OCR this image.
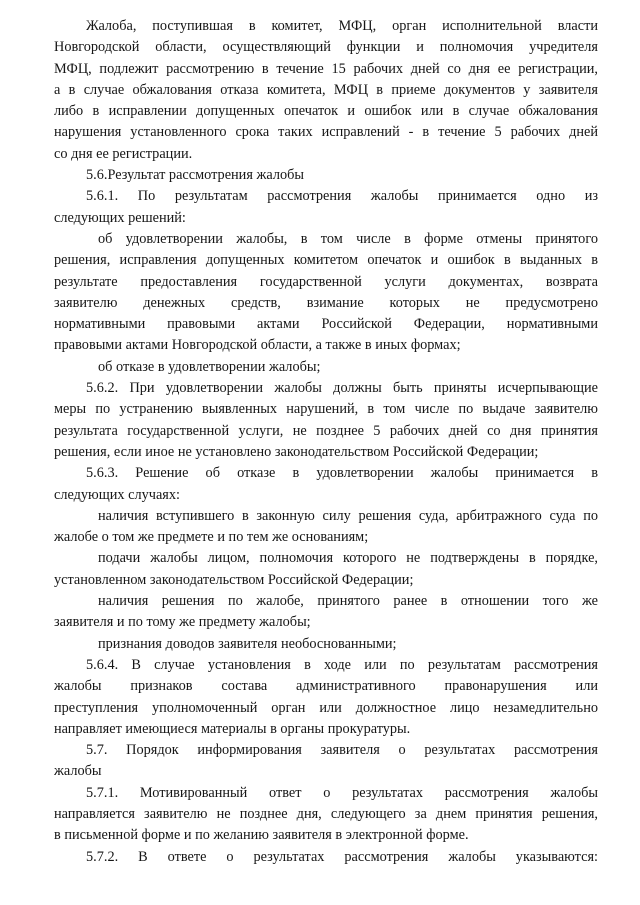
Жалоба, поступившая в комитет, МФЦ, орган исполнительной власти
Новгородской области, осуществляющий функции и полномочия учредителя
МФЦ, подлежит рассмотрению в течение 15 рабочих дней со дня ее регистрации,
а в случае обжалования отказа комитета, МФЦ в приеме документов у заявителя
либо в исправлении допущенных опечаток и ошибок или в случае обжалования
нарушения установленного срока таких исправлений - в течение 5 рабочих дней
со дня ее регистрации.
5.6.Результат рассмотрения жалобы
5.6.1. По результатам рассмотрения жалобы принимается одно из
следующих решений:
об удовлетворении жалобы, в том числе в форме отмены принятого
решения, исправления допущенных комитетом опечаток и ошибок в выданных в
результате предоставления государственной услуги документах, возврата
заявителю денежных средств, взимание которых не предусмотрено
нормативными правовыми актами Российской Федерации, нормативными
правовыми актами Новгородской области, а также в иных формах;
об отказе в удовлетворении жалобы;
5.6.2. При удовлетворении жалобы должны быть приняты исчерпывающие
меры по устранению выявленных нарушений, в том числе по выдаче заявителю
результата государственной услуги, не позднее 5 рабочих дней со дня принятия
решения, если иное не установлено законодательством Российской Федерации;
5.6.3. Решение об отказе в удовлетворении жалобы принимается в
следующих случаях:
наличия вступившего в законную силу решения суда, арбитражного суда по
жалобе о том же предмете и по тем же основаниям;
подачи жалобы лицом, полномочия которого не подтверждены в порядке,
установленном законодательством Российской Федерации;
наличия решения по жалобе, принятого ранее в отношении того же
заявителя и по тому же предмету жалобы;
признания доводов заявителя необоснованными;
5.6.4. В случае установления в ходе или по результатам рассмотрения
жалобы признаков состава административного правонарушения или
преступления уполномоченный орган или должностное лицо незамедлительно
направляет имеющиеся материалы в органы прокуратуры.
5.7. Порядок информирования заявителя о результатах рассмотрения
жалобы
5.7.1. Мотивированный ответ о результатах рассмотрения жалобы
направляется заявителю не позднее дня, следующего за днем принятия решения,
в письменной форме и по желанию заявителя в электронной форме.
5.7.2. В ответе о результатах рассмотрения жалобы указываются:
